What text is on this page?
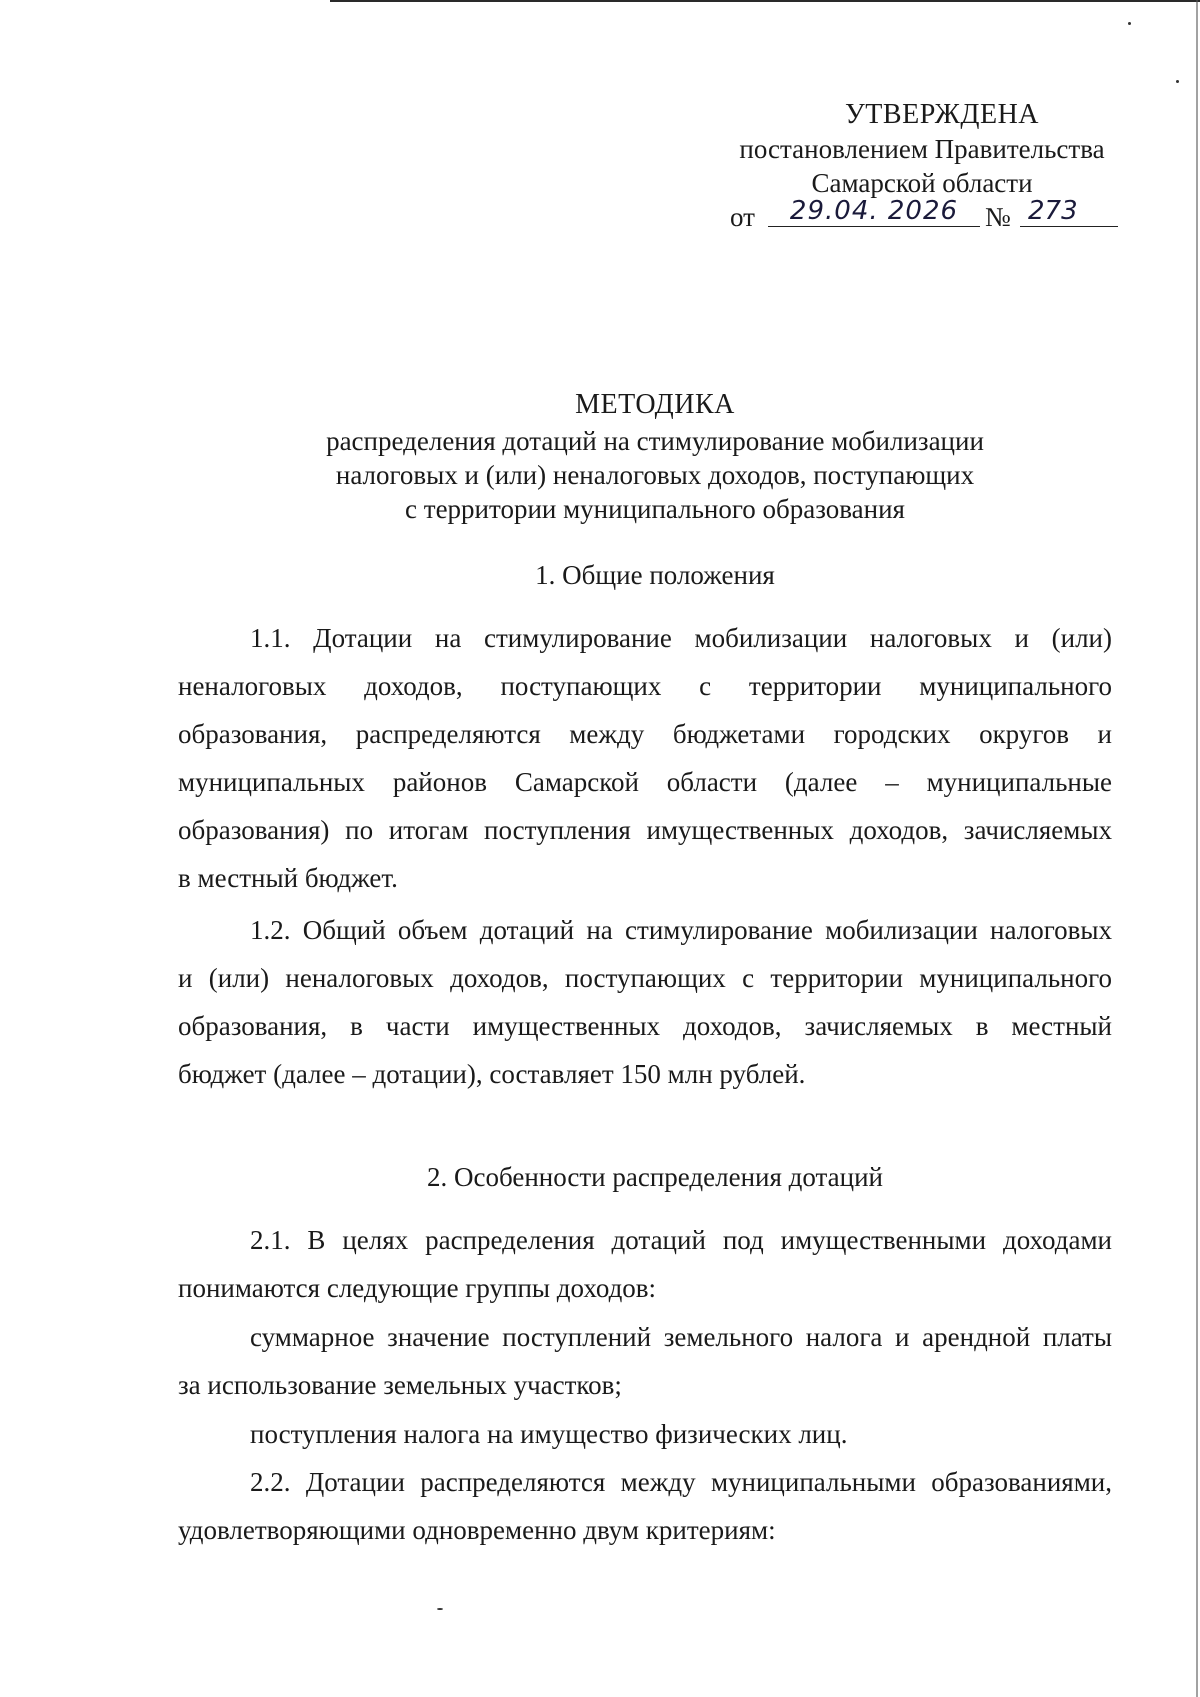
УТВЕРЖДЕНА
постановлением Правительства
Самарской области
от	29.04. 2026 № 273
МЕТОДИКА
распределения дотаций на стимулирование мобилизации
налоговых и (или) неналоговых доходов, поступающих
с территории муниципального образования
1. Общие положения
1.1. Дотации на стимулирование мобилизации налоговых и (или)
неналоговых доходов, поступающих с территории муниципального
образования, распределяются между бюджетами городских округов и
муниципальных районов Самарской области (далее – муниципальные
образования) по итогам поступления имущественных доходов, зачисляемых
в местный бюджет.
1.2. Общий объем дотаций на стимулирование мобилизации налоговых
и (или) неналоговых доходов, поступающих с территории муниципального
образования, в части имущественных доходов, зачисляемых в местный
бюджет (далее – дотации), составляет 150 млн рублей.
2. Особенности распределения дотаций
2.1. В целях распределения дотаций под имущественными доходами
понимаются следующие группы доходов:
суммарное значение поступлений земельного налога и арендной платы
за использование земельных участков;
поступления налога на имущество физических лиц.
2.2. Дотации распределяются между муниципальными образованиями,
удовлетворяющими одновременно двум критериям:
